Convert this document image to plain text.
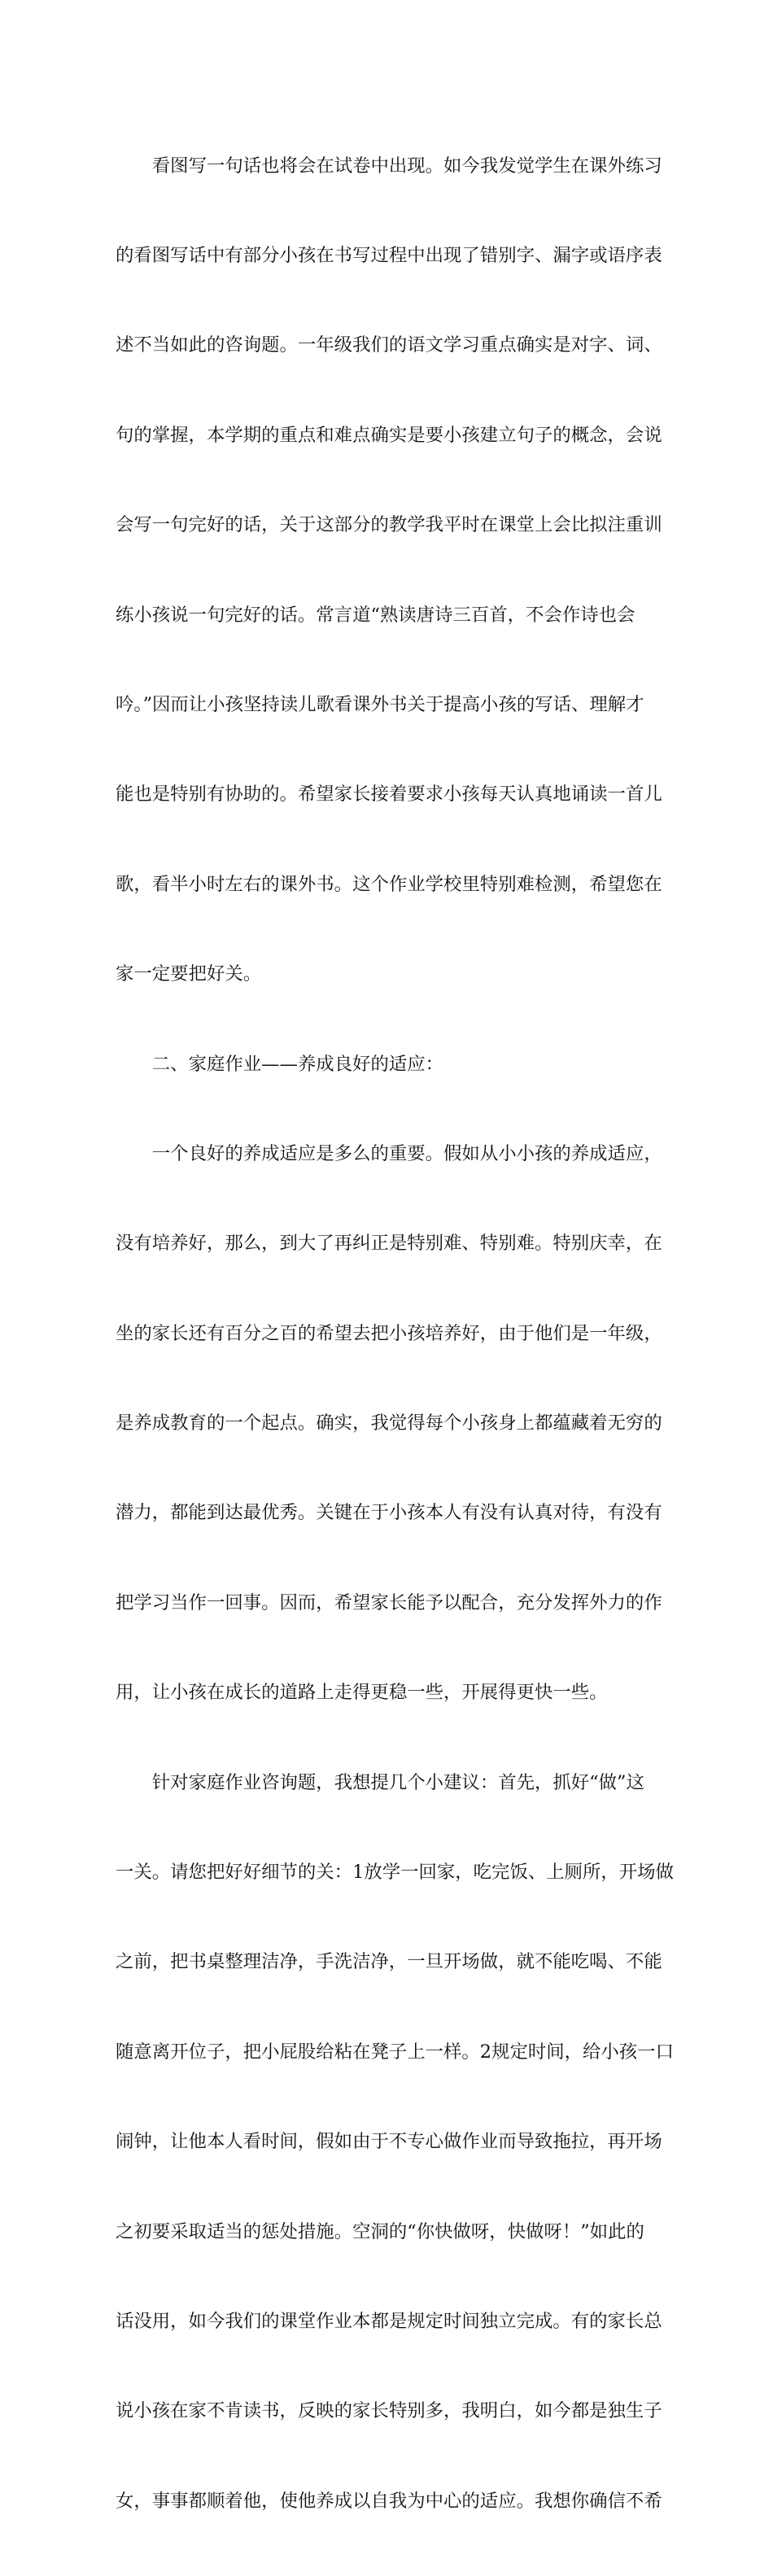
看图写一句话也将会在试卷中出现。如今我发觉学生在课外练习

的看图写话中有部分小孩在书写过程中出现了错别字、漏字或语序表

述不当如此的咨询题。一年级我们的语文学习重点确实是对字、词、

句的掌握，本学期的重点和难点确实是要小孩建立句子的概念，会说

会写一句完好的话，关于这部分的教学我平时在课堂上会比拟注重训

练小孩说一句完好的话。常言道“熟读唐诗三百首，不会作诗也会

吟。”因而让小孩坚持读儿歌看课外书关于提高小孩的写话、理解才

能也是特别有协助的。希望家长接着要求小孩每天认真地诵读一首儿

歌，看半小时左右的课外书。这个作业学校里特别难检测，希望您在

家一定要把好关。

二、家庭作业——养成良好的适应：

一个良好的养成适应是多么的重要。假如从小小孩的养成适应，

没有培养好，那么，到大了再纠正是特别难、特别难。特别庆幸，在

坐的家长还有百分之百的希望去把小孩培养好，由于他们是一年级，

是养成教育的一个起点。确实，我觉得每个小孩身上都蕴藏着无穷的

潜力，都能到达最优秀。关键在于小孩本人有没有认真对待，有没有

把学习当作一回事。因而，希望家长能予以配合，充分发挥外力的作

用，让小孩在成长的道路上走得更稳一些，开展得更快一些。

针对家庭作业咨询题，我想提几个小建议：首先，抓好“做”这

一关。请您把好好细节的关：1放学一回家，吃完饭、上厕所，开场做

之前，把书桌整理洁净，手洗洁净，一旦开场做，就不能吃喝、不能

随意离开位子，把小屁股给粘在凳子上一样。2规定时间，给小孩一口

闹钟，让他本人看时间，假如由于不专心做作业而导致拖拉，再开场

之初要采取适当的惩处措施。空洞的“你快做呀，快做呀！”如此的

话没用，如今我们的课堂作业本都是规定时间独立完成。有的家长总

说小孩在家不肯读书，反映的家长特别多，我明白，如今都是独生子

女，事事都顺着他，使他养成以自我为中心的适应。我想你确信不希
